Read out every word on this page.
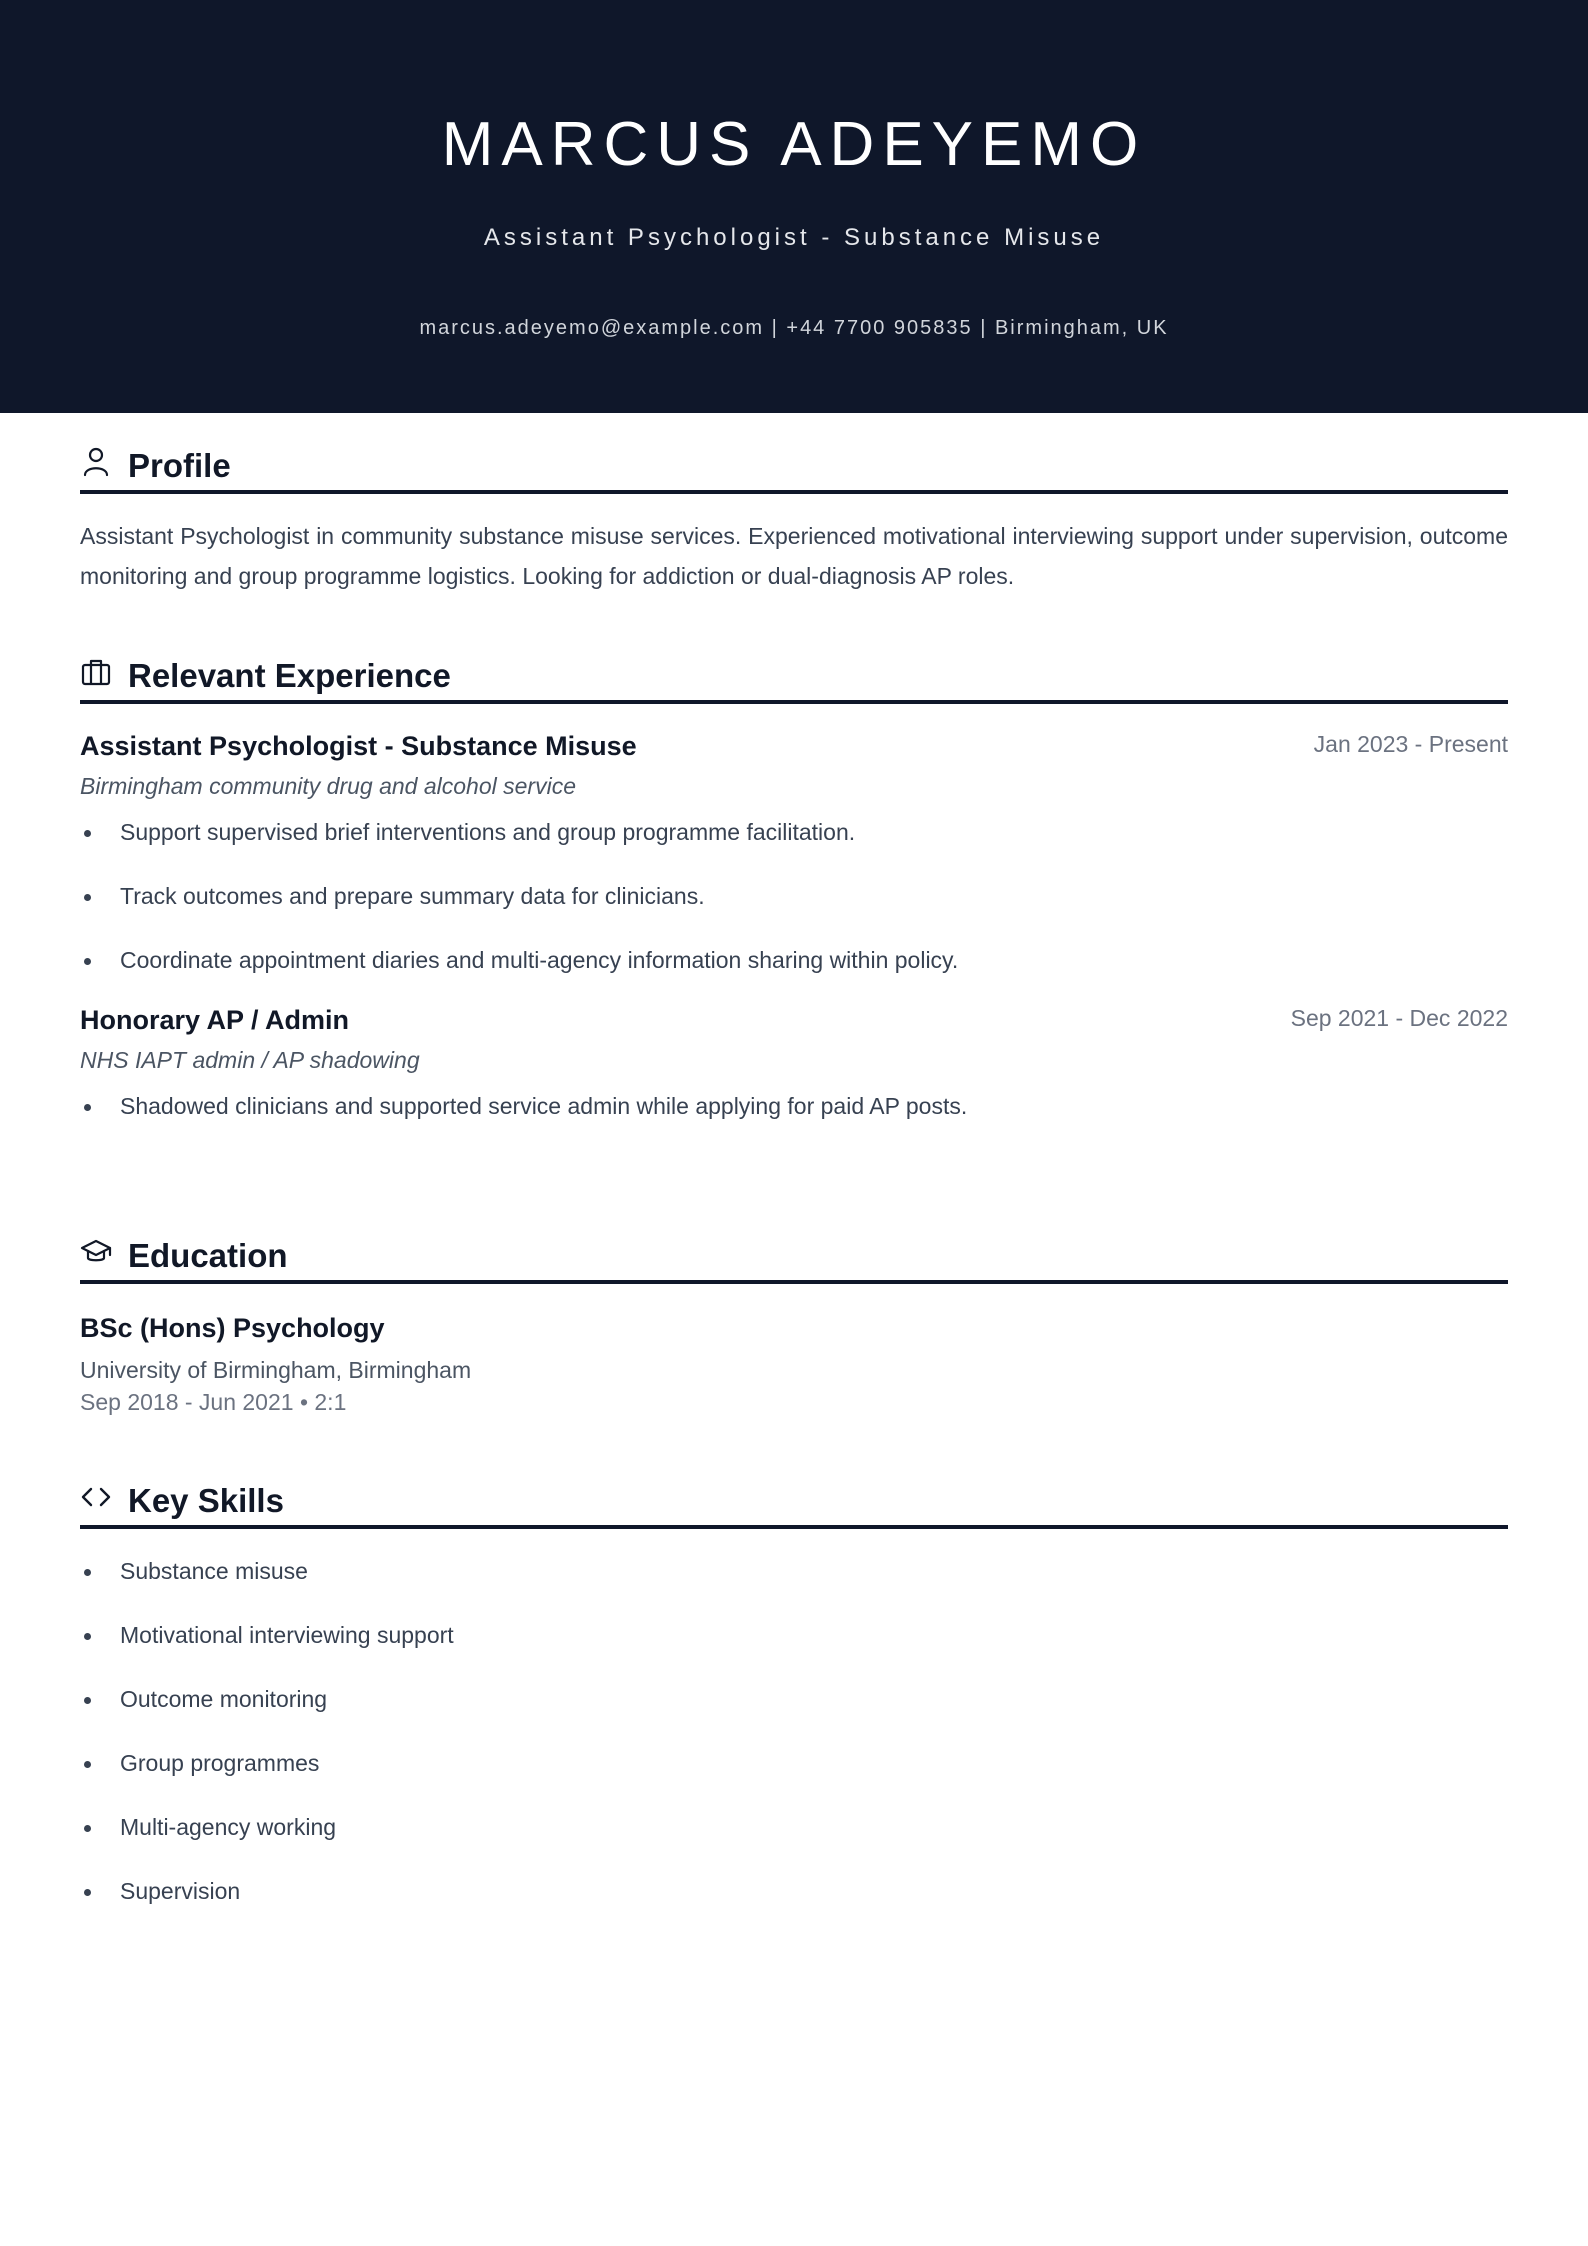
MARCUS ADEYEMO
Assistant Psychologist - Substance Misuse
marcus.adeyemo@example.com | +44 7700 905835 | Birmingham, UK
Profile
Assistant Psychologist in community substance misuse services. Experienced motivational interviewing support under supervision, outcome monitoring and group programme logistics. Looking for addiction or dual-diagnosis AP roles.
Relevant Experience
Assistant Psychologist - Substance Misuse	Jan 2023 - Present
Birmingham community drug and alcohol service
Support supervised brief interventions and group programme facilitation.
Track outcomes and prepare summary data for clinicians.
Coordinate appointment diaries and multi-agency information sharing within policy.
Honorary AP / Admin	Sep 2021 - Dec 2022
NHS IAPT admin / AP shadowing
Shadowed clinicians and supported service admin while applying for paid AP posts.
Education
BSc (Hons) Psychology
University of Birmingham, Birmingham
Sep 2018 - Jun 2021 • 2:1
Key Skills
Substance misuse
Motivational interviewing support
Outcome monitoring
Group programmes
Multi-agency working
Supervision
